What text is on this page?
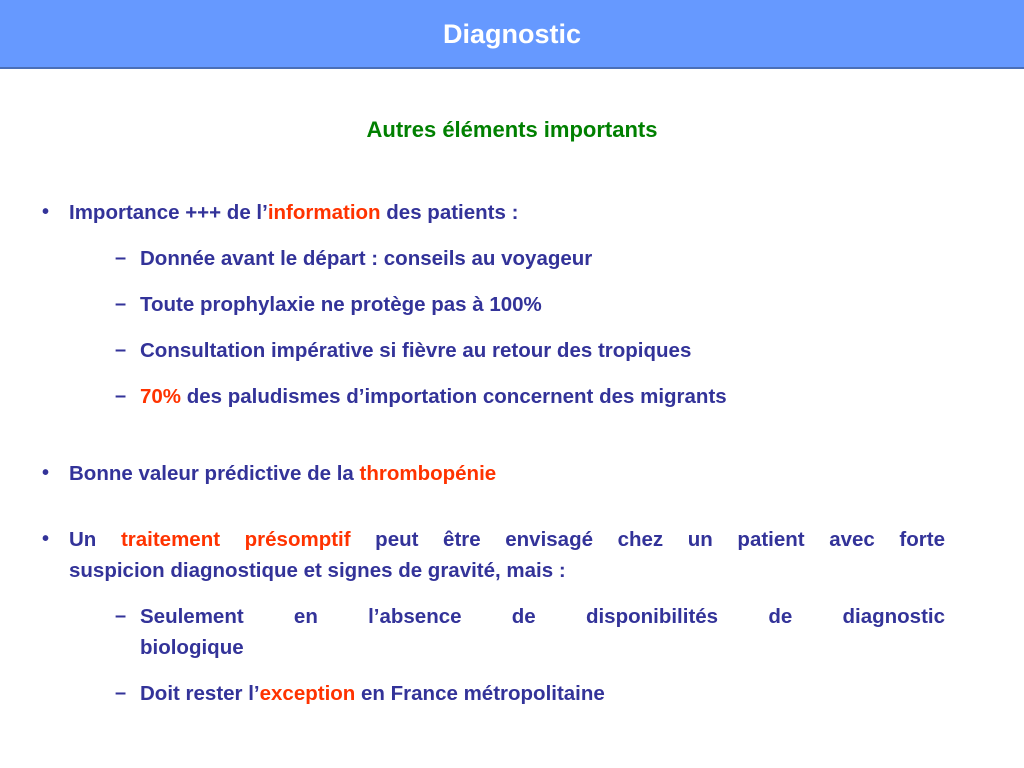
Diagnostic
Autres éléments importants
• Importance +++ de l’information des patients :
– Donnée avant le départ : conseils au voyageur
– Toute prophylaxie ne protège pas à 100%
– Consultation impérative si fièvre au retour des tropiques
– 70% des paludismes d’importation concernent des migrants
• Bonne valeur prédictive de la thrombopénie
• Un traitement présomptif peut être envisagé chez un patient avec forte
suspicion diagnostique et signes de gravité, mais :
– Seulement en l’absence de disponibilités de diagnostic
biologique
– Doit rester l’exception en France métropolitaine
